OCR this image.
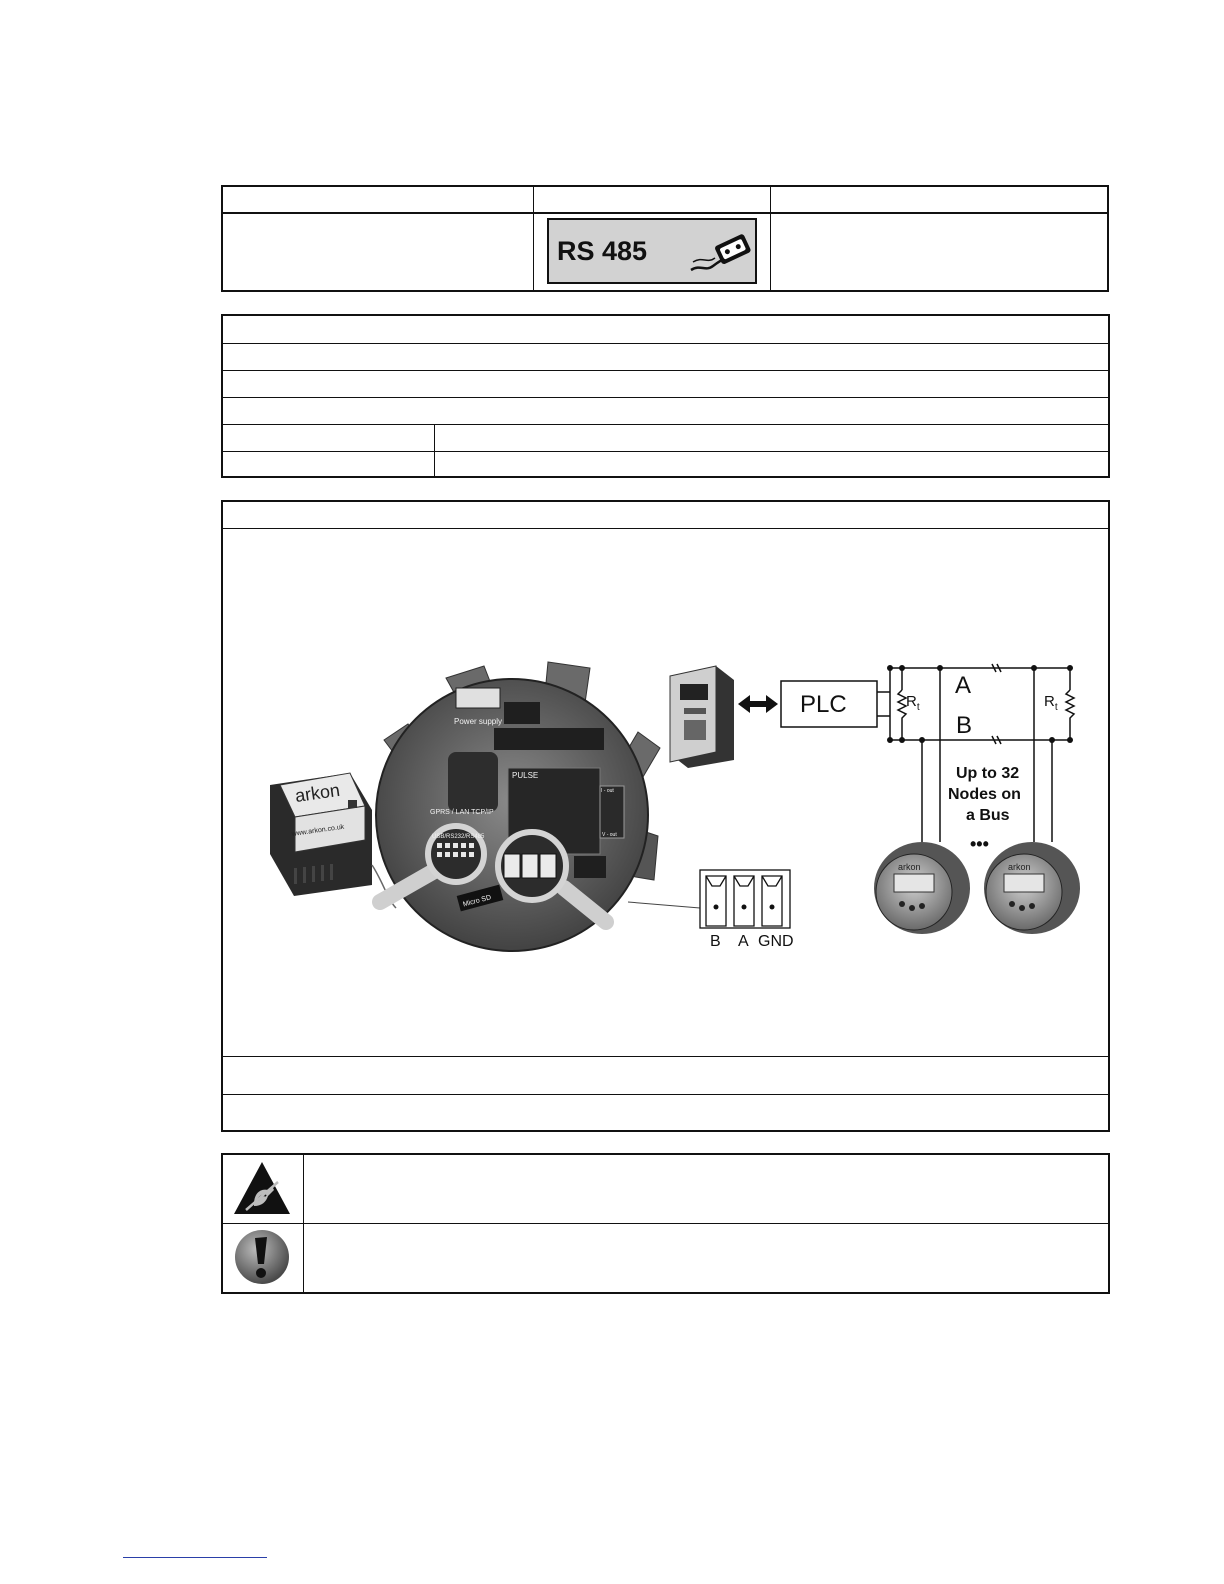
RS 485
arkon
www.arkon.co.uk
Power supply
PULSE
GPRS / LAN TCP/IP
I - out
V - out
USB/RS232/RS485
Micro SD
B A GND
PLC	$R_t$	$R_t$
A
B
Up to 32
Nodes on
a Bus
•••
arkon	arkon
